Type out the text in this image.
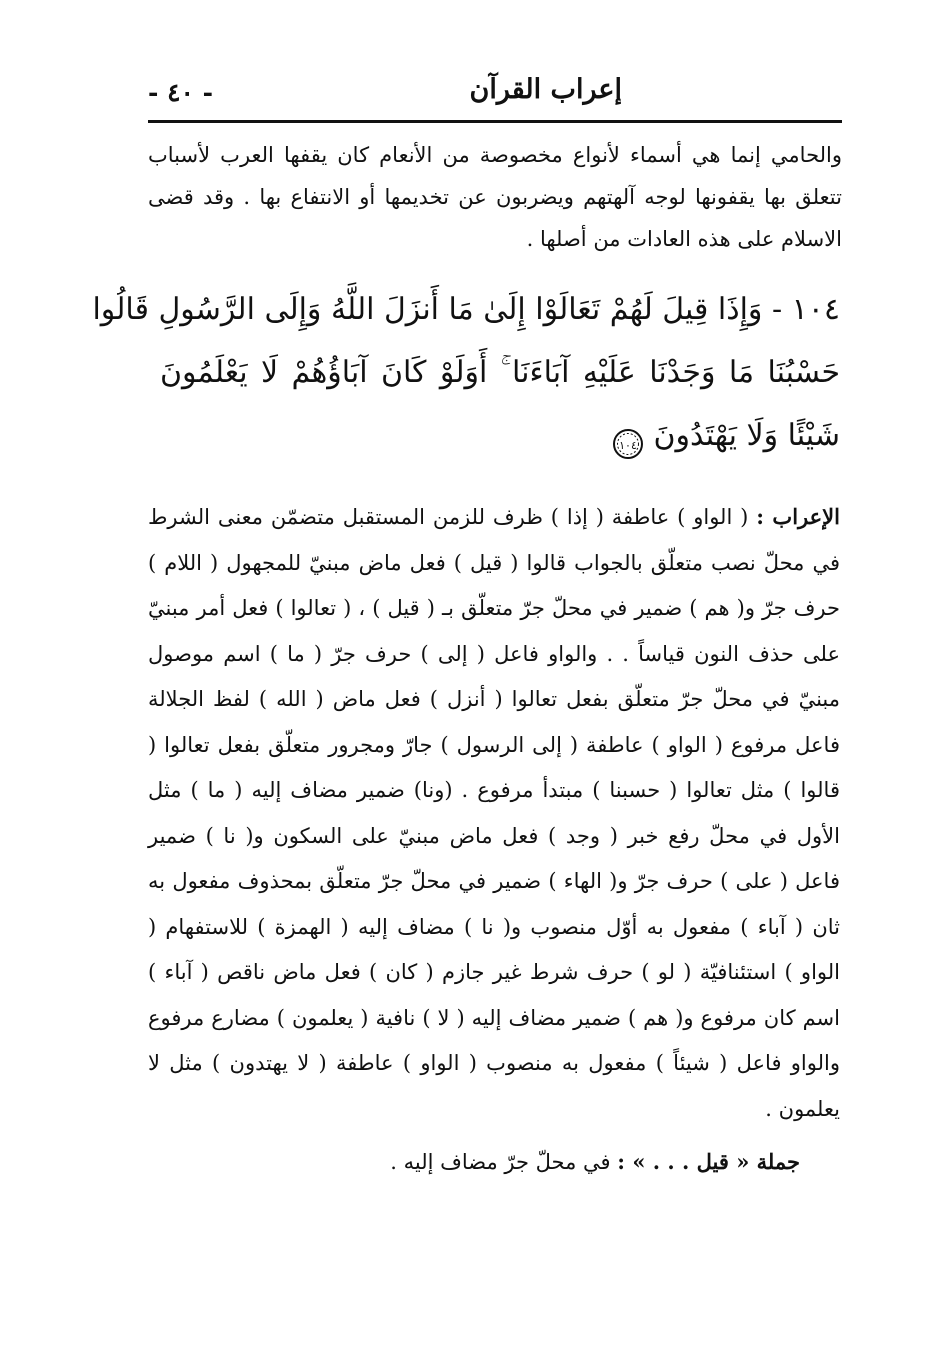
إعراب القرآن
- ٤٠ -
والحامي إنما هي أسماء لأنواع مخصوصة من الأنعام كان يقفها العرب لأسباب تتعلق بها يقفونها لوجه آلهتهم ويضربون عن تخديمها أو الانتفاع بها . وقد قضى الاسلام على هذه العادات من أصلها .
١٠٤ - وَإِذَا قِيلَ لَهُمْ تَعَالَوْا إِلَىٰ مَا أَنزَلَ اللَّهُ وَإِلَى الرَّسُولِ قَالُوا
حَسْبُنَا مَا وَجَدْنَا عَلَيْهِ آبَاءَنَا ۚ أَوَلَوْ كَانَ آبَاؤُهُمْ لَا يَعْلَمُونَ
شَيْئًا وَلَا يَهْتَدُونَ
١٠٤
الإعراب : ( الواو ) عاطفة ( إذا ) ظرف للزمن المستقبل متضمّن معنى الشرط في محلّ نصب متعلّق بالجواب قالوا ( قيل ) فعل ماض مبنيّ للمجهول ( اللام ) حرف جرّ و( هم ) ضمير في محلّ جرّ متعلّق بـ ( قيل ) ، ( تعالوا ) فعل أمر مبنيّ على حذف النون قياساً . . والواو فاعل ( إلى ) حرف جرّ ( ما ) اسم موصول مبنيّ في محلّ جرّ متعلّق بفعل تعالوا ( أنزل ) فعل ماض ( الله ) لفظ الجلالة فاعل مرفوع ( الواو ) عاطفة ( إلى الرسول ) جارّ ومجرور متعلّق بفعل تعالوا ( قالوا ) مثل تعالوا ( حسبنا ) مبتدأ مرفوع . (ونا) ضمير مضاف إليه ( ما ) مثل الأول في محلّ رفع خبر ( وجد ) فعل ماض مبنيّ على السكون و( نا ) ضمير فاعل ( على ) حرف جرّ و( الهاء ) ضمير في محلّ جرّ متعلّق بمحذوف مفعول به ثان ( آباء ) مفعول به أوّل منصوب و( نا ) مضاف إليه ( الهمزة ) للاستفهام ( الواو ) استئنافيّة ( لو ) حرف شرط غير جازم ( كان ) فعل ماض ناقص ( آباء ) اسم كان مرفوع و( هم ) ضمير مضاف إليه ( لا ) نافية ( يعلمون ) مضارع مرفوع والواو فاعل ( شيئاً ) مفعول به منصوب ( الواو ) عاطفة ( لا يهتدون ) مثل لا يعلمون .
جملة « قيل . . . » : في محلّ جرّ مضاف إليه .
